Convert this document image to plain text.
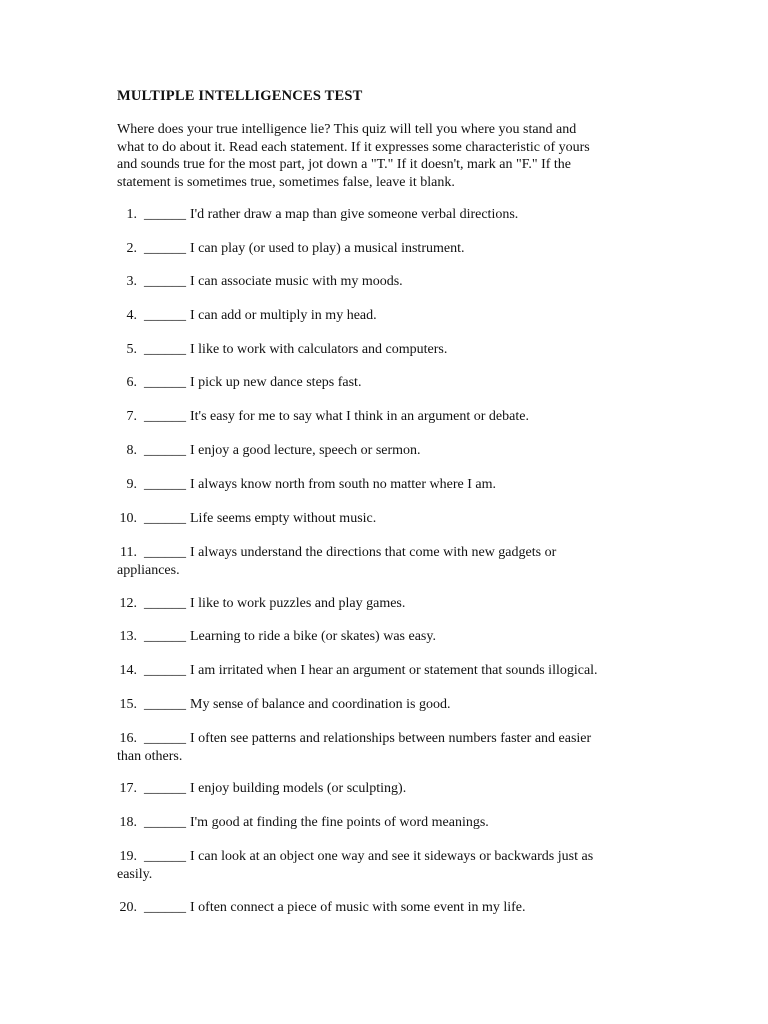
MULTIPLE INTELLIGENCES TEST
Where does your true intelligence lie? This quiz will tell you where you stand and
what to do about it. Read each statement. If it expresses some characteristic of yours
and sounds true for the most part, jot down a "T." If it doesn't, mark an "F." If the
statement is sometimes true, sometimes false, leave it blank.
1. ______ I'd rather draw a map than give someone verbal directions.
2. ______ I can play (or used to play) a musical instrument.
3. ______ I can associate music with my moods.
4. ______ I can add or multiply in my head.
5. ______ I like to work with calculators and computers.
6. ______ I pick up new dance steps fast.
7. ______ It's easy for me to say what I think in an argument or debate.
8. ______ I enjoy a good lecture, speech or sermon.
9. ______ I always know north from south no matter where I am.
10. ______ Life seems empty without music.
11. ______ I always understand the directions that come with new gadgets or
appliances.
12. ______ I like to work puzzles and play games.
13. ______ Learning to ride a bike (or skates) was easy.
14. ______ I am irritated when I hear an argument or statement that sounds illogical.
15. ______ My sense of balance and coordination is good.
16. ______ I often see patterns and relationships between numbers faster and easier
than others.
17. ______ I enjoy building models (or sculpting).
18. ______ I'm good at finding the fine points of word meanings.
19. ______ I can look at an object one way and see it sideways or backwards just as
easily.
20. ______ I often connect a piece of music with some event in my life.
